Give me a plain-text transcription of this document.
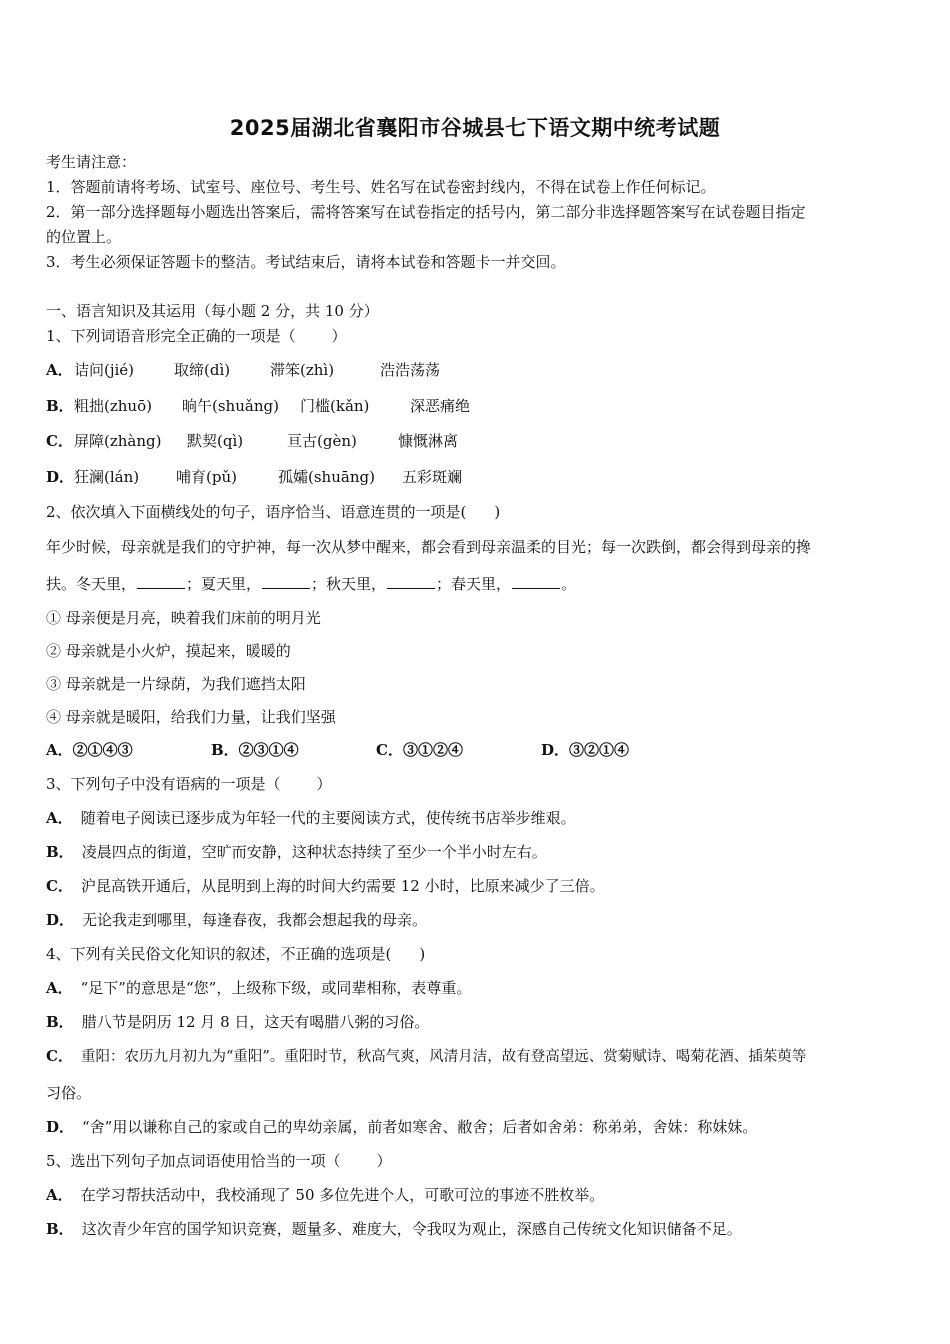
2025届湖北省襄阳市谷城县七下语文期中统考试题
考生请注意：
1．答题前请将考场、试室号、座位号、考生号、姓名写在试卷密封线内，不得在试卷上作任何标记。
2．第一部分选择题每小题选出答案后，需将答案写在试卷指定的括号内，第二部分非选择题答案写在试卷题目指定
的位置上。
3．考生必须保证答题卡的整洁。考试结束后，请将本试卷和答题卡一并交回。
一、语言知识及其运用（每小题 2 分，共 10 分）
1、下列词语音形完全正确的一项是（ ）
A．诘问(jié)	取缔(dì)	滞笨(zhì)	浩浩荡荡
B．粗拙(zhuō) 晌午(shuǎng) 门槛(kǎn)	深恶痛绝
C．屏障(zhàng) 默契(qì)	亘古(gèn)	慷慨淋离
D．狂澜(lán) 哺育(pǔ)	孤孀(shuāng) 五彩斑斓
2、依次填入下面横线处的句子，语序恰当、语意连贯的一项是( )
年少时候，母亲就是我们的守护神，每一次从梦中醒来，都会看到母亲温柔的目光；每一次跌倒，都会得到母亲的搀
扶。冬天里，	；夏天里，	；秋天里，	；春天里，	。
① 母亲便是月亮，映着我们床前的明月光
② 母亲就是小火炉，摸起来，暖暖的
③ 母亲就是一片绿荫，为我们遮挡太阳
④ 母亲就是暖阳，给我们力量，让我们坚强
A．②①④③	B．②③①④	C．③①②④	D．③②①④
3、下列句子中没有语病的一项是（ ）
A． 随着电子阅读已逐步成为年轻一代的主要阅读方式，使传统书店举步维艰。
B． 凌晨四点的街道，空旷而安静，这种状态持续了至少一个半小时左右。
C． 沪昆高铁开通后，从昆明到上海的时间大约需要 12 小时，比原来减少了三倍。
D． 无论我走到哪里，每逢春夜，我都会想起我的母亲。
4、下列有关民俗文化知识的叙述，不正确的选项是( )
A． “足下”的意思是“您”，上级称下级，或同辈相称，表尊重。
B． 腊八节是阴历 12 月 8 日，这天有喝腊八粥的习俗。
C． 重阳：农历九月初九为“重阳”。重阳时节，秋高气爽，风清月洁，故有登高望远、赏菊赋诗、喝菊花酒、插茱萸等
习俗。
D． “舍”用以谦称自己的家或自己的卑幼亲属，前者如寒舍、敝舍；后者如舍弟：称弟弟，舍妹：称妹妹。
5、选出下列句子加点词语使用恰当的一项（ ）
A． 在学习帮扶活动中，我校涌现了 50 多位先进个人，可歌可泣的事迹不胜枚举。
B． 这次青少年宫的国学知识竞赛，题量多、难度大，令我叹为观止，深感自己传统文化知识储备不足。
